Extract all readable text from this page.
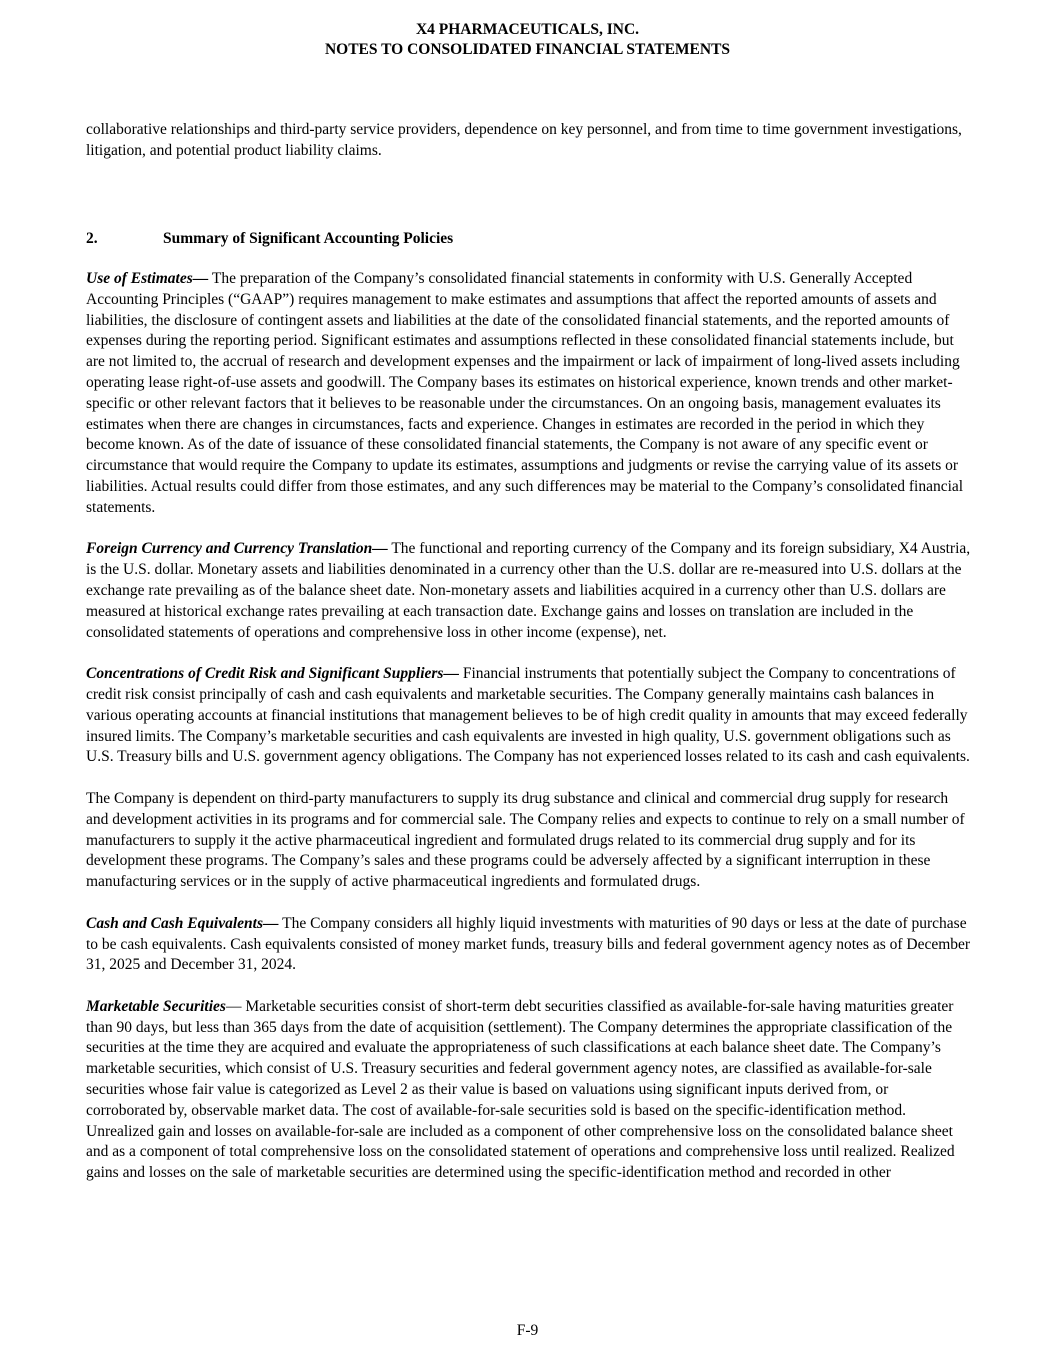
X4 PHARMACEUTICALS, INC.
NOTES TO CONSOLIDATED FINANCIAL STATEMENTS

collaborative relationships and third-party service providers, dependence on key personnel, and from time to time government investigations, litigation, and potential product liability claims.

2.	Summary of Significant Accounting Policies

Use of Estimates— The preparation of the Company’s consolidated financial statements in conformity with U.S. Generally Accepted Accounting Principles (“GAAP”) requires management to make estimates and assumptions that affect the reported amounts of assets and liabilities, the disclosure of contingent assets and liabilities at the date of the consolidated financial statements, and the reported amounts of expenses during the reporting period. Significant estimates and assumptions reflected in these consolidated financial statements include, but are not limited to, the accrual of research and development expenses and the impairment or lack of impairment of long-lived assets including operating lease right-of-use assets and goodwill. The Company bases its estimates on historical experience, known trends and other market-specific or other relevant factors that it believes to be reasonable under the circumstances. On an ongoing basis, management evaluates its estimates when there are changes in circumstances, facts and experience. Changes in estimates are recorded in the period in which they become known. As of the date of issuance of these consolidated financial statements, the Company is not aware of any specific event or circumstance that would require the Company to update its estimates, assumptions and judgments or revise the carrying value of its assets or liabilities. Actual results could differ from those estimates, and any such differences may be material to the Company’s consolidated financial statements.

Foreign Currency and Currency Translation— The functional and reporting currency of the Company and its foreign subsidiary, X4 Austria, is the U.S. dollar. Monetary assets and liabilities denominated in a currency other than the U.S. dollar are re-measured into U.S. dollars at the exchange rate prevailing as of the balance sheet date. Non-monetary assets and liabilities acquired in a currency other than U.S. dollars are measured at historical exchange rates prevailing at each transaction date. Exchange gains and losses on translation are included in the consolidated statements of operations and comprehensive loss in other income (expense), net.

Concentrations of Credit Risk and Significant Suppliers— Financial instruments that potentially subject the Company to concentrations of credit risk consist principally of cash and cash equivalents and marketable securities. The Company generally maintains cash balances in various operating accounts at financial institutions that management believes to be of high credit quality in amounts that may exceed federally insured limits. The Company’s marketable securities and cash equivalents are invested in high quality, U.S. government obligations such as U.S. Treasury bills and U.S. government agency obligations. The Company has not experienced losses related to its cash and cash equivalents.

The Company is dependent on third-party manufacturers to supply its drug substance and clinical and commercial drug supply for research and development activities in its programs and for commercial sale. The Company relies and expects to continue to rely on a small number of manufacturers to supply it the active pharmaceutical ingredient and formulated drugs related to its commercial drug supply and for its development these programs. The Company’s sales and these programs could be adversely affected by a significant interruption in these manufacturing services or in the supply of active pharmaceutical ingredients and formulated drugs.

Cash and Cash Equivalents— The Company considers all highly liquid investments with maturities of 90 days or less at the date of purchase to be cash equivalents. Cash equivalents consisted of money market funds, treasury bills and federal government agency notes as of December 31, 2025 and December 31, 2024.

Marketable Securities— Marketable securities consist of short-term debt securities classified as available-for-sale having maturities greater than 90 days, but less than 365 days from the date of acquisition (settlement). The Company determines the appropriate classification of the securities at the time they are acquired and evaluate the appropriateness of such classifications at each balance sheet date. The Company’s marketable securities, which consist of U.S. Treasury securities and federal government agency notes, are classified as available-for-sale securities whose fair value is categorized as Level 2 as their value is based on valuations using significant inputs derived from, or corroborated by, observable market data. The cost of available-for-sale securities sold is based on the specific-identification method. Unrealized gain and losses on available-for-sale are included as a component of other comprehensive loss on the consolidated balance sheet and as a component of total comprehensive loss on the consolidated statement of operations and comprehensive loss until realized. Realized gains and losses on the sale of marketable securities are determined using the specific-identification method and recorded in other

F-9
